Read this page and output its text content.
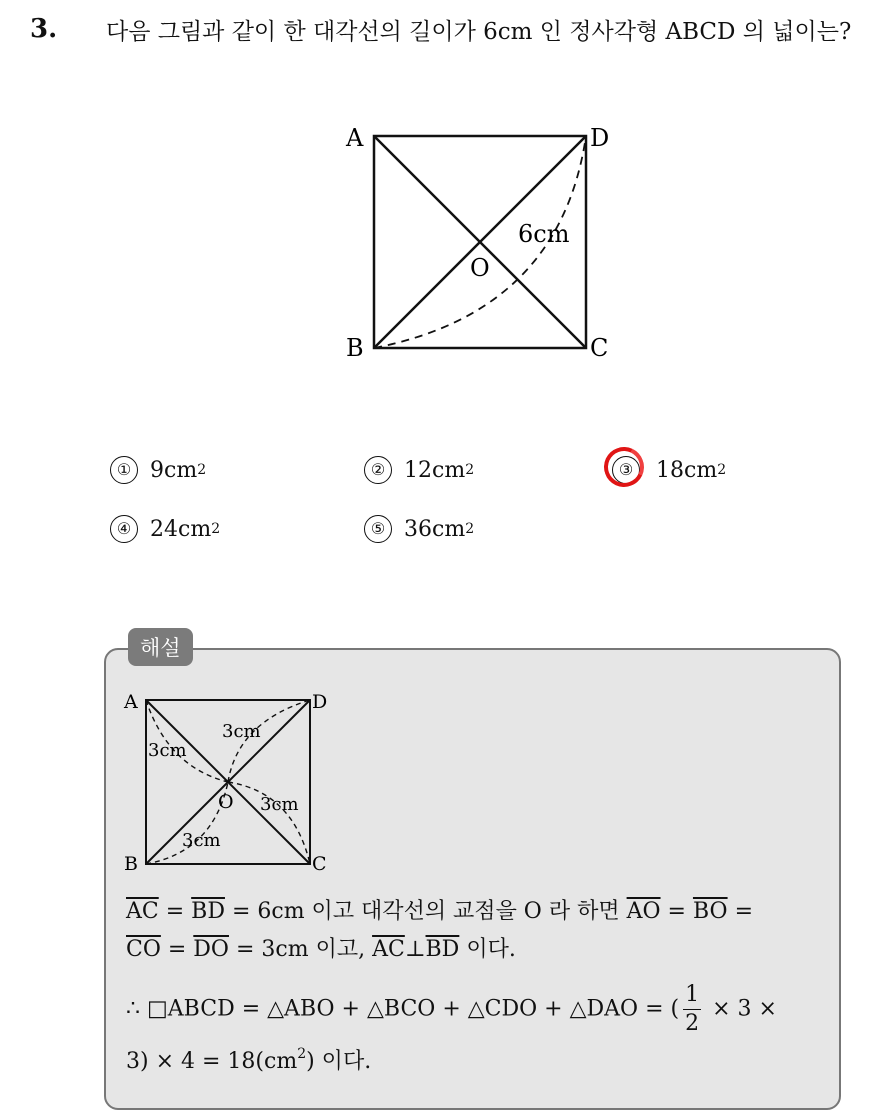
3. 다음 그림과 같이 한 대각선의 길이가 6cm 인 정사각형 ABCD 의 넓이는?
A	D
B	C
O
6cm
① 9cm 2	② 12cm 2	③	18cm 2
④ 24cm 2	⑤ 36cm 2
해설
A	D
B	C
O
3cm
3cm
3cm
3cm
$\overline{AC} = \overline{BD} = 6cm$ 이고 대각선의 교점을 O 라 하면 $\overline{AO} = \overline{BO}$ =
$\overline{CO} = \overline{DO} = 3cm$ 이고, $\overline{AC}\perp\overline{BD}$ 이다.
∴ □ABCD = △ABO + △BCO + △CDO + △DAO = ( $\frac{1}{2} \times 3$ ×
$3) \times 4 = 18(cm^2)$ 이다.
